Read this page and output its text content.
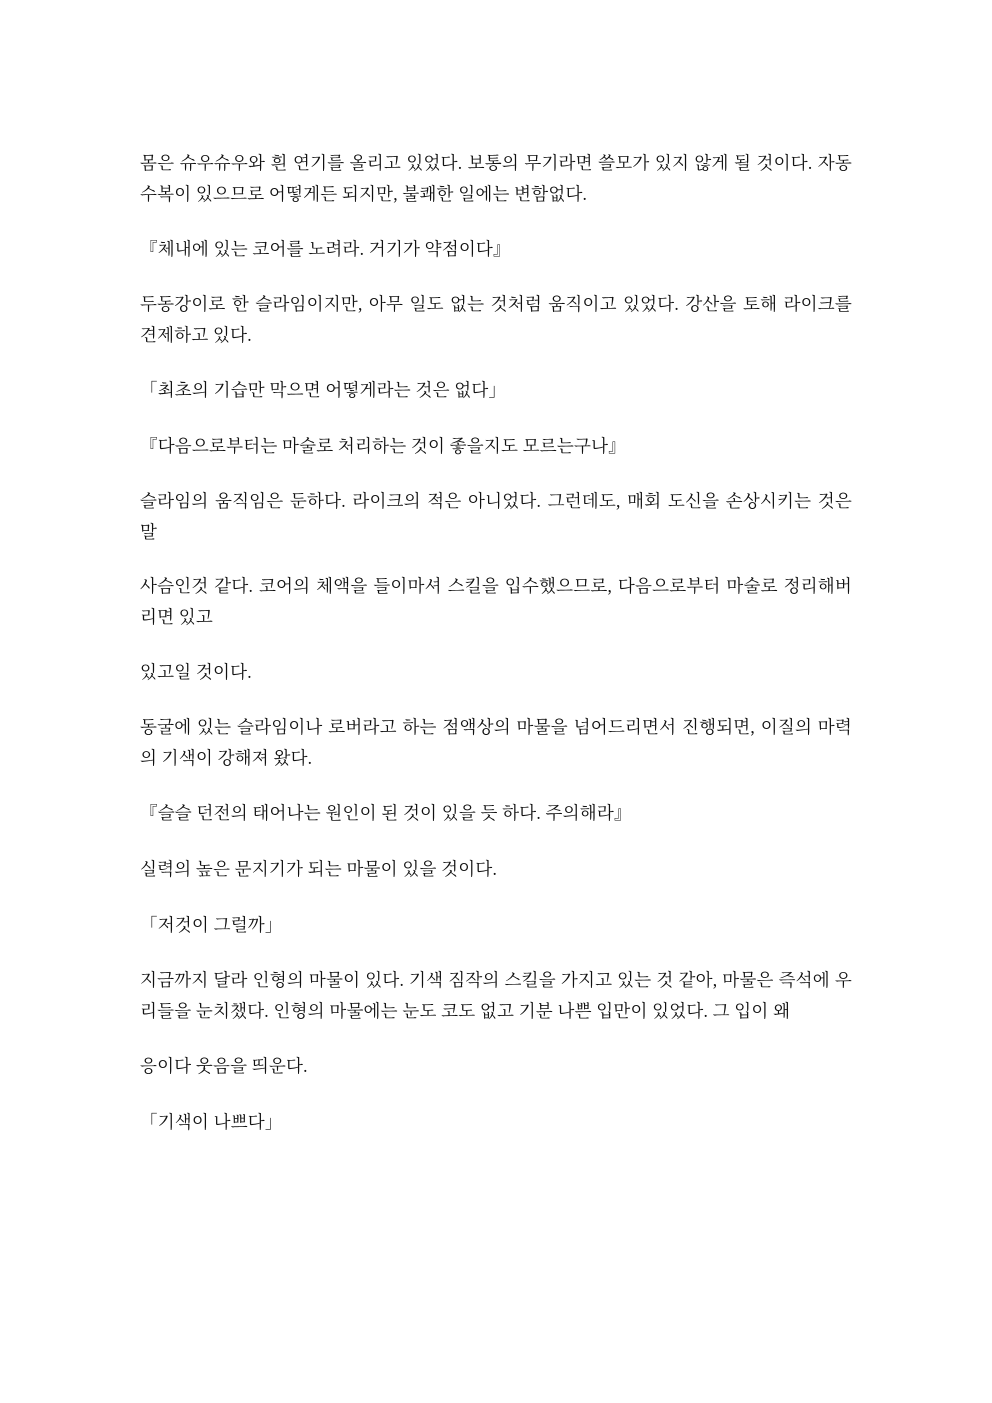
몸은 슈우슈우와 흰 연기를 올리고 있었다. 보통의 무기라면 쓸모가 있지 않게 될 것이다. 자동수복이 있으므로 어떻게든 되지만, 불쾌한 일에는 변함없다.

『체내에 있는 코어를 노려라. 거기가 약점이다』

두동강이로 한 슬라임이지만, 아무 일도 없는 것처럼 움직이고 있었다. 강산을 토해 라이크를 견제하고 있다.

「최초의 기습만 막으면 어떻게라는 것은 없다」

『다음으로부터는 마술로 처리하는 것이 좋을지도 모르는구나』

슬라임의 움직임은 둔하다. 라이크의 적은 아니었다. 그런데도, 매회 도신을 손상시키는 것은 말

사슴인것 같다. 코어의 체액을 들이마셔 스킬을 입수했으므로, 다음으로부터 마술로 정리해버리면 있고

있고일 것이다.

동굴에 있는 슬라임이나 로버라고 하는 점액상의 마물을 넘어드리면서 진행되면, 이질의 마력의 기색이 강해져 왔다.

『슬슬 던전의 태어나는 원인이 된 것이 있을 듯 하다. 주의해라』

실력의 높은 문지기가 되는 마물이 있을 것이다.

「저것이 그럴까」

지금까지 달라 인형의 마물이 있다. 기색 짐작의 스킬을 가지고 있는 것 같아, 마물은 즉석에 우리들을 눈치챘다. 인형의 마물에는 눈도 코도 없고 기분 나쁜 입만이 있었다. 그 입이 왜

응이다 웃음을 띄운다.

「기색이 나쁘다」
